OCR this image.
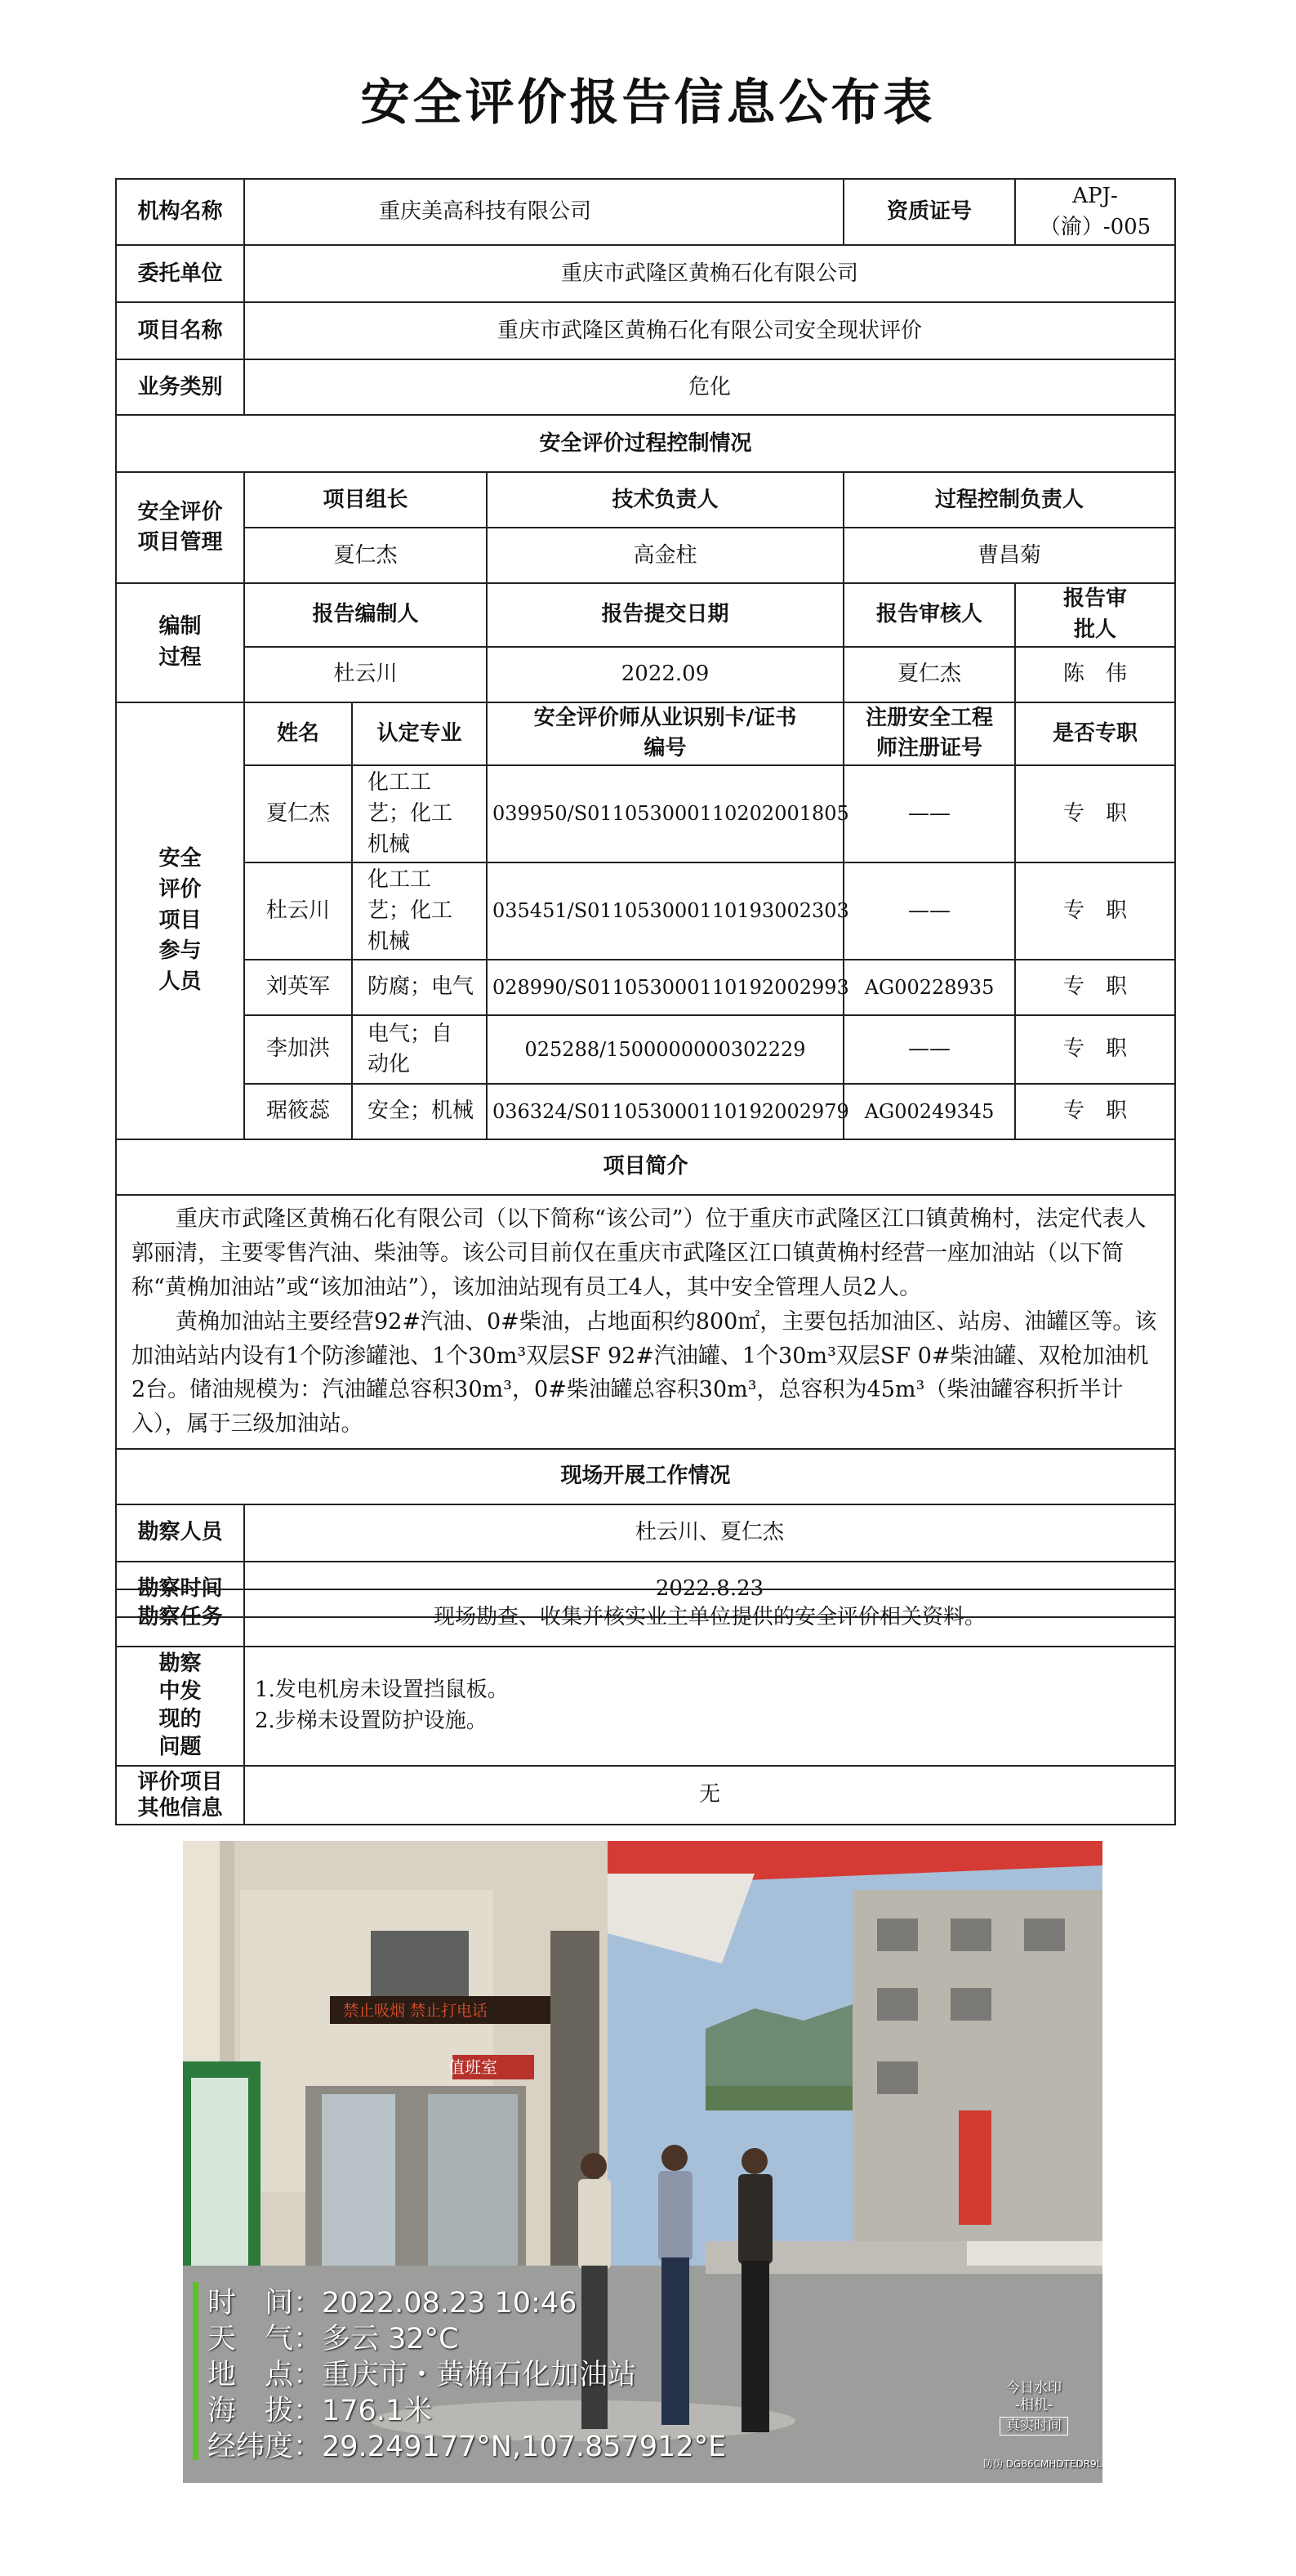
安全评价报告信息公布表
机构名称	重庆美高科技有限公司			资质证号	APJ-（渝）-005
委托单位	重庆市武隆区黄桷石化有限公司				
项目名称	重庆市武隆区黄桷石化有限公司安全现状评价				
业务类别	危化				
安全评价过程控制情况					
安全评价项目管理	项目组长		技术负责人	过程控制负责人	
	夏仁杰		高金柱	曹昌菊	
编制过程	报告编制人		报告提交日期	报告审核人	报告审批人
	杜云川		2022.09	夏仁杰	陈　伟
安全评价项目参与人员	姓名	认定专业	安全评价师从业识别卡/证书编号	注册安全工程师注册证号	是否专职
	夏仁杰	化工工艺；化工机械	039950/S011053000110202001805	——	专　职
	杜云川	化工工艺；化工机械	035451/S011053000110193002303	——	专　职
	刘英军	防腐；电气	028990/S011053000110192002993	AG00228935	专　职
	李加洪	电气；自动化	025288/1500000000302229	——	专　职
	琚筱蕊	安全；机械	036324/S011053000110192002979	AG00249345	专　职
项目简介					

重庆市武隆区黄桷石化有限公司（以下简称“该公司”）位于重庆市武隆区江口镇黄桷村，法定代表人郭丽清，主要零售汽油、柴油等。该公司目前仅在重庆市武隆区江口镇黄桷村经营一座加油站（以下简称“黄桷加油站”或“该加油站”），该加油站现有员工4人，其中安全管理人员2人。
黄桷加油站主要经营92#汽油、0#柴油，占地面积约800㎡，主要包括加油区、站房、油罐区等。该加油站站内设有1个防渗罐池、1个30m³双层SF 92#汽油罐、1个30m³双层SF 0#柴油罐、双枪加油机2台。储油规模为：汽油罐总容积30m³，0#柴油罐总容积30m³，总容积为45m³（柴油罐容积折半计入），属于三级加油站。					

现场开展工作情况					
勘察人员	杜云川、夏仁杰				
勘察时间	2022.8.23				
勘察任务	现场勘查、收集并核实业主单位提供的安全评价相关资料。
勘察中发现的问题	1.发电机房未设置挡鼠板。
2.步梯未设置防护设施。

评价项目其他信息	无
值班室
禁止吸烟 禁止打电话
时　间：2022.08.23 10:46
天　气：多云 32°C
地　点：重庆市・黄桷石化加油站
海　拔：176.1米
经纬度：29.249177°N,107.857912°E
今日水印
-相机-
真实时间
防伪 DG86CMHDTEDR9L
